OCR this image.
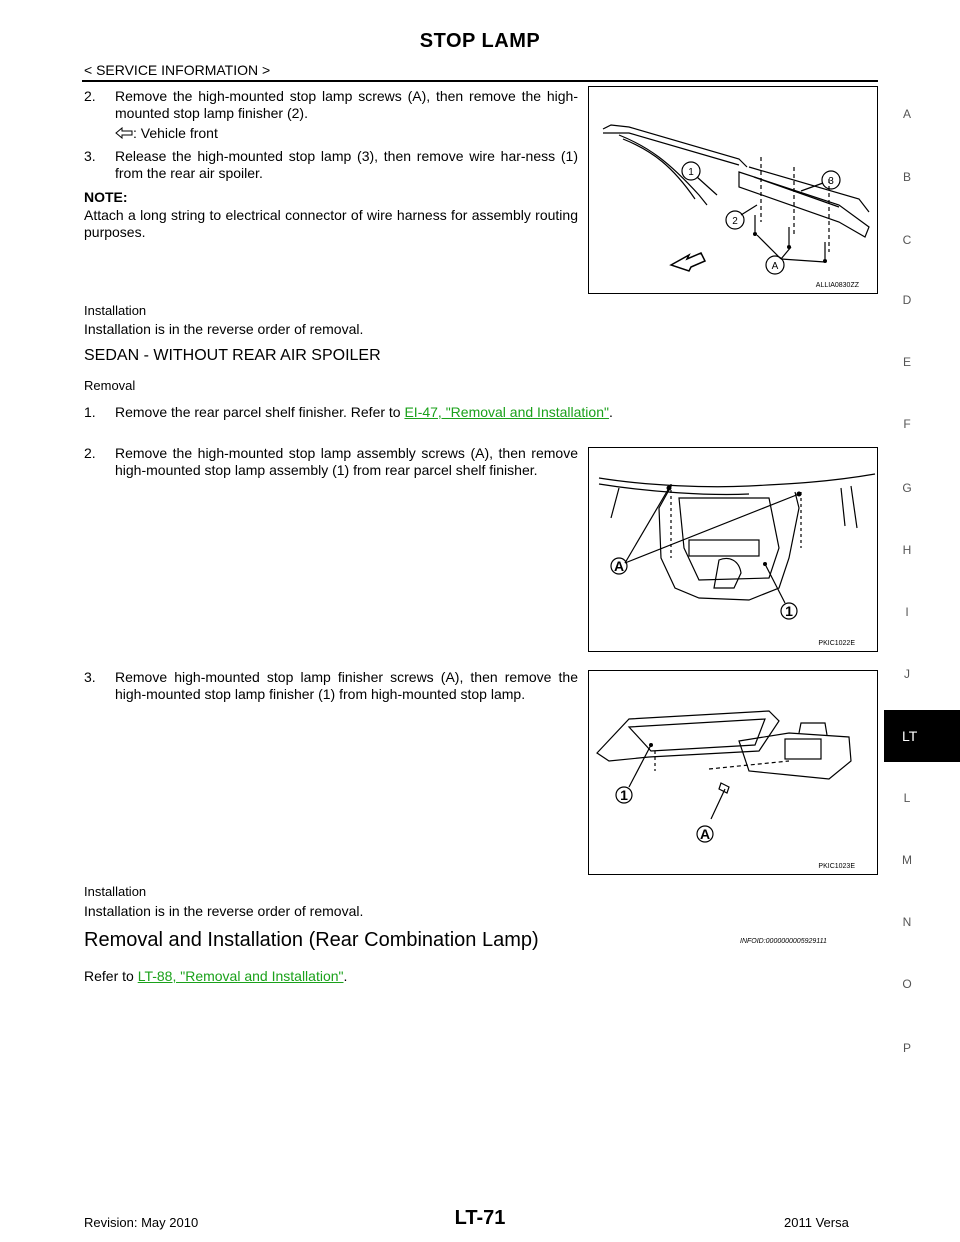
STOP LAMP
< SERVICE INFORMATION >
2. Remove the high-mounted stop lamp screws (A), then remove the high-mounted stop lamp finisher (2).
: Vehicle front
3. Release the high-mounted stop lamp (3), then remove wire har-ness (1) from the rear air spoiler.
NOTE:
Attach a long string to electrical connector of wire harness for assembly routing purposes.
1
2
3
A
ALLIA0830ZZ
Installation
Installation is in the reverse order of removal.
SEDAN - WITHOUT REAR AIR SPOILER
Removal
1. Remove the rear parcel shelf finisher. Refer to EI-47, "Removal and Installation".
2. Remove the high-mounted stop lamp assembly screws (A), then remove high-mounted stop lamp assembly (1) from rear parcel shelf finisher.
A
1
PKIC1022E
3. Remove high-mounted stop lamp finisher screws (A), then remove the high-mounted stop lamp finisher (1) from high-mounted stop lamp.
1
A
PKIC1023E
Installation
Installation is in the reverse order of removal.
Removal and Installation (Rear Combination Lamp)	INFOID:0000000005929111
Refer to LT-88, "Removal and Installation".
A
B
C
D
E
F
G
H
I
J
LT
L
M
N
O
P
Revision: May 2010	LT-71	2011 Versa
